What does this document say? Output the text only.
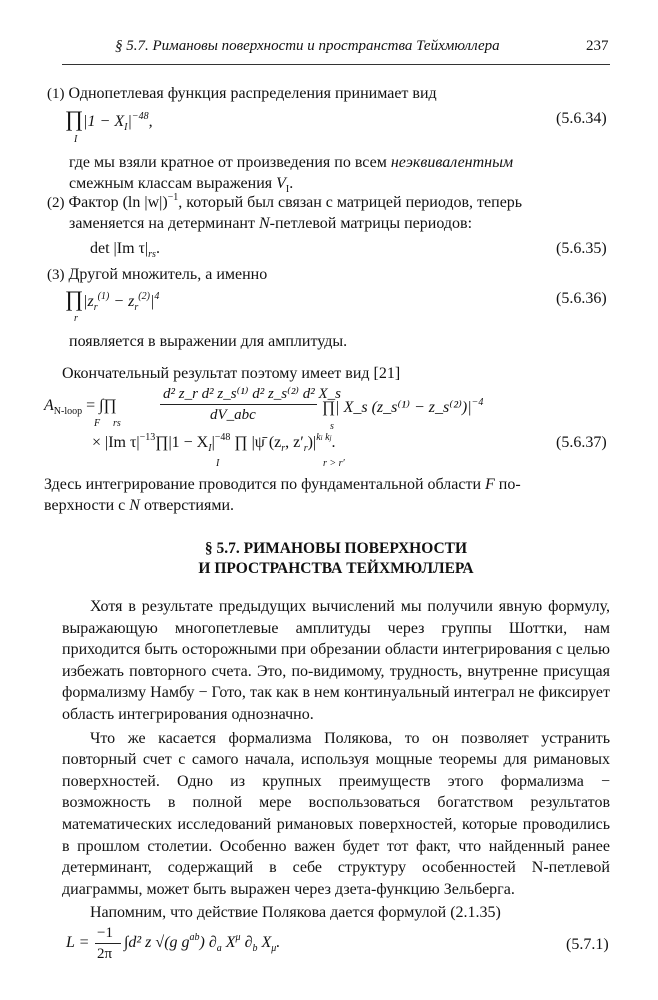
§ 5.7. Римановы поверхности и пространства Тейхмюллера	237
(1) Однопетлевая функция распределения принимает вид
∏|1 − $X_I|^{-48}$,
I
(5.6.34)
где мы взяли кратное от произведения по всем неэквивалентным
смежным классам выражения $V_I$.
(2) Фактор (ln |w|)$^{-1}$, который был связан с матрицей периодов, теперь
заменяется на детерминант N-петлевой матрицы периодов:
det |Im $\tau|_{rs}$.	(5.6.35)
(3) Другой множитель, а именно
$\prod|z_r^{(1)} - z_r^{(2)}|^4$
r
(5.6.36)
появляется в выражении для амплитуды.
Окончательный результат поэтому имеет вид [21]
$A_{N-loop}$ = ∫∏
F rs
d² z_r d² z_s⁽¹⁾ d² z_s⁽²⁾ d² X_s
dV_abc	∏| X_s (z_s⁽¹⁾ − $z\_s^{(2)})|^{-4}$
s
× |Im $\tau|^{-13}\prod|1 - X_I|^{-48}$ ∏ |ψ̄ ($z_r$, $z'_r)|^{ki}$ $^{kj}$.
I	r > r′
(5.6.37)
Здесь интегрирование проводится по фундаментальной области F по-
верхности с N отверстиями.
§ 5.7. РИМАНОВЫ ПОВЕРХНОСТИ
И ПРОСТРАНСТВА ТЕЙХМЮЛЛЕРА

Хотя в результате предыдущих вычислений мы получили явную формулу, выражающую многопетлевые амплитуды через группы Шоттки, нам приходится быть осторожными при обрезании области интегрирования с целью избежать повторного счета. Это, по-видимому, трудность, внутренне присущая формализму Намбу − Гото, так как в нем континуальный интеграл не фиксирует область интегрирования однозначно.

Что же касается формализма Полякова, то он позволяет устранить повторный счет с самого начала, используя мощные теоремы для римановых поверхностей. Одно из крупных преимуществ этого формализма − возможность в полной мере воспользоваться богатством результатов математических исследований римановых поверхностей, которые проводились в прошлом столетии. Особенно важен будет тот факт, что найденный ранее детерминант, содержащий в себе структуру особенностей N-петлевой диаграммы, может быть выражен через дзета-функцию Зельберга.

Напомним, что действие Полякова дается формулой (2.1.35)

L =
−1
2π
∫d² z √(g $g^{ab}$) $\partial_a$ $X^\mu$ $\partial_b$ $X_\mu$.	(5.7.1)
